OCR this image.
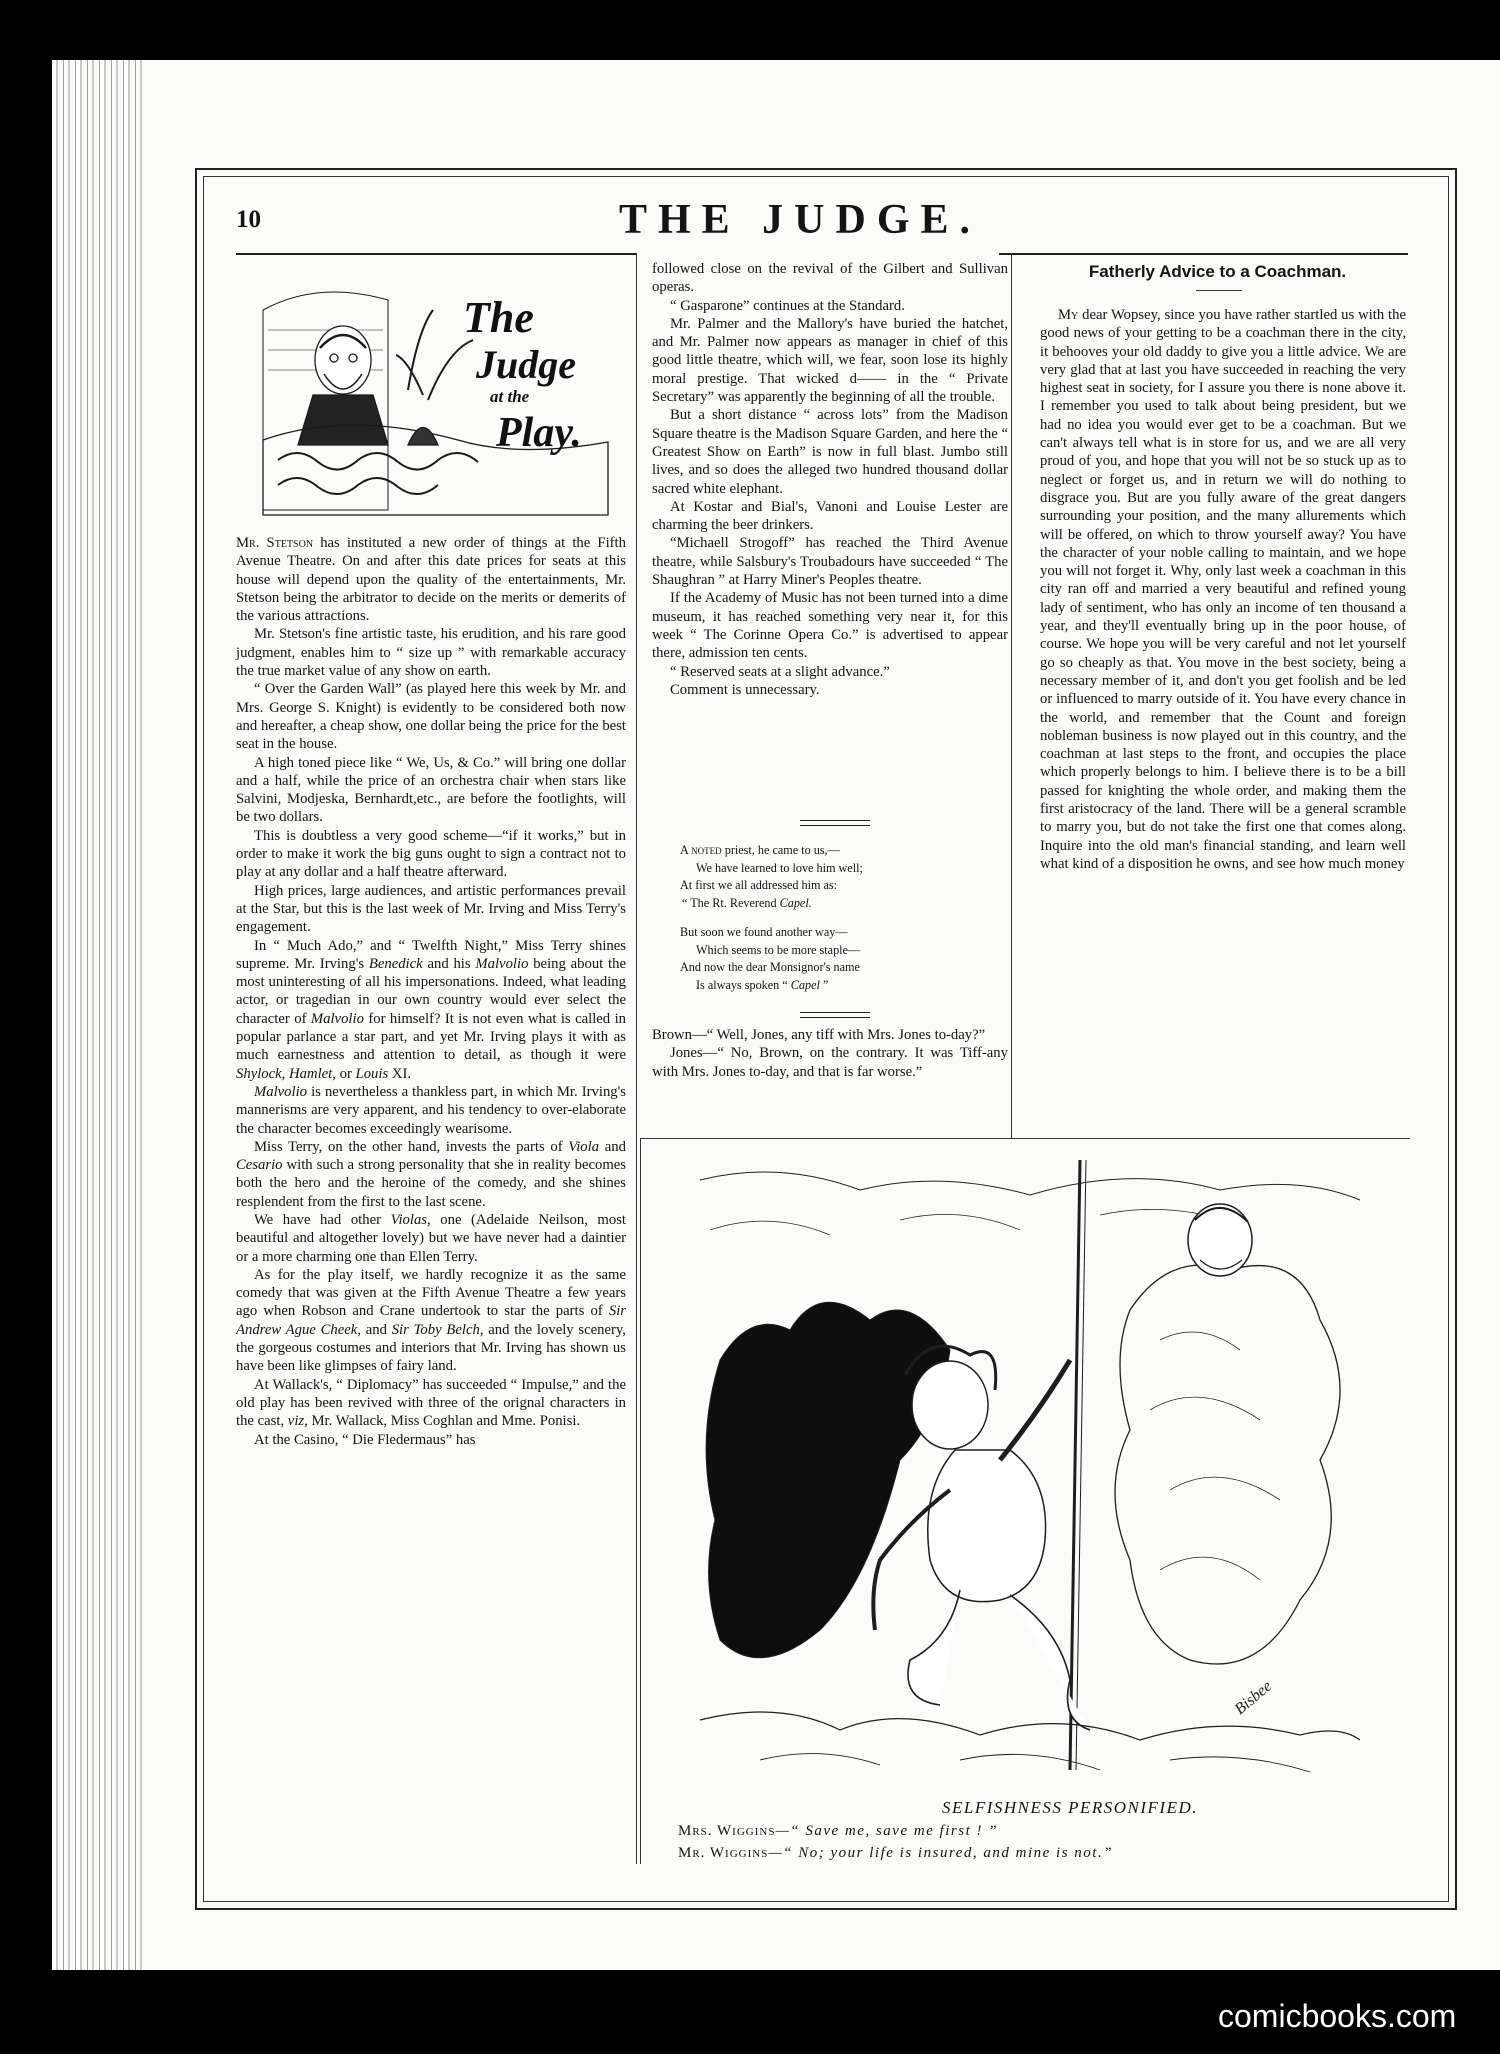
10	THE JUDGE.
The
Judge
at the
Play.

Mr. Stetson has instituted a new order of things at the Fifth Avenue Theatre. On and after this date prices for seats at this house will depend upon the quality of the entertainments, Mr. Stetson being the arbitrator to decide on the merits or demerits of the various attractions.

Mr. Stetson's fine artistic taste, his erudition, and his rare good judgment, enables him to “ size up ” with remarkable accuracy the true market value of any show on earth.

“ Over the Garden Wall” (as played here this week by Mr. and Mrs. George S. Knight) is evidently to be considered both now and hereafter, a cheap show, one dollar being the price for the best seat in the house.

A high toned piece like “ We, Us, & Co.” will bring one dollar and a half, while the price of an orchestra chair when stars like Salvini, Modjeska, Bernhardt,etc., are before the footlights, will be two dollars.

This is doubtless a very good scheme—“if it works,” but in order to make it work the big guns ought to sign a contract not to play at any dollar and a half theatre afterward.

High prices, large audiences, and artistic performances prevail at the Star, but this is the last week of Mr. Irving and Miss Terry's engagement.

In “ Much Ado,” and “ Twelfth Night,” Miss Terry shines supreme. Mr. Irving's Benedick and his Malvolio being about the most uninteresting of all his impersonations. Indeed, what leading actor, or tragedian in our own country would ever select the character of Malvolio for himself? It is not even what is called in popular parlance a star part, and yet Mr. Irving plays it with as much earnestness and attention to detail, as though it were Shylock, Hamlet, or Louis XI.

Malvolio is nevertheless a thankless part, in which Mr. Irving's mannerisms are very apparent, and his tendency to over-elaborate the character becomes exceedingly wearisome.

Miss Terry, on the other hand, invests the parts of Viola and Cesario with such a strong personality that she in reality becomes both the hero and the heroine of the comedy, and she shines resplendent from the first to the last scene.

We have had other Violas, one (Adelaide Neilson, most beautiful and altogether lovely) but we have never had a daintier or a more charming one than Ellen Terry.

As for the play itself, we hardly recognize it as the same comedy that was given at the Fifth Avenue Theatre a few years ago when Robson and Crane undertook to star the parts of Sir Andrew Ague Cheek, and Sir Toby Belch, and the lovely scenery, the gorgeous costumes and interiors that Mr. Irving has shown us have been like glimpses of fairy land.

At Wallack's, “ Diplomacy” has succeeded “ Impulse,” and the old play has been revived with three of the orignal characters in the cast, viz, Mr. Wallack, Miss Coghlan and Mme. Ponisi.

At the Casino, “ Die Fledermaus” has

followed close on the revival of the Gilbert and Sullivan operas.

“ Gasparone” continues at the Standard.

Mr. Palmer and the Mallory's have buried the hatchet, and Mr. Palmer now appears as manager in chief of this good little theatre, which will, we fear, soon lose its highly moral prestige. That wicked d—— in the “ Private Secretary” was apparently the beginning of all the trouble.

But a short distance “ across lots” from the Madison Square theatre is the Madison Square Garden, and here the “ Greatest Show on Earth” is now in full blast. Jumbo still lives, and so does the alleged two hundred thousand dollar sacred white elephant.

At Kostar and Bial's, Vanoni and Louise Lester are charming the beer drinkers.

“Michaell Strogoff” has reached the Third Avenue theatre, while Salsbury's Troubadours have succeeded “ The Shaughran ” at Harry Miner's Peoples theatre.

If the Academy of Music has not been turned into a dime museum, it has reached something very near it, for this week “ The Corinne Opera Co.” is advertised to appear there, admission ten cents.

“ Reserved seats at a slight advance.”

Comment is unnecessary.

A noted priest, he came to us,—
We have learned to love him well;
At first we all addressed him as:
“ The Rt. Reverend Capel.
But soon we found another way—
Which seems to be more staple—
And now the dear Monsignor's name
Is always spoken “ Capel ”

Brown—“ Well, Jones, any tiff with Mrs. Jones to-day?”

Jones—“ No, Brown, on the contrary. It was Tiff-any with Mrs. Jones to-day, and that is far worse.”

Fatherly Advice to a Coachman.

My dear Wopsey, since you have rather startled us with the good news of your getting to be a coachman there in the city, it behooves your old daddy to give you a little advice. We are very glad that at last you have succeeded in reaching the very highest seat in society, for I assure you there is none above it. I remember you used to talk about being president, but we had no idea you would ever get to be a coachman. But we can't always tell what is in store for us, and we are all very proud of you, and hope that you will not be so stuck up as to neglect or forget us, and in return we will do nothing to disgrace you. But are you fully aware of the great dangers surrounding your position, and the many allurements which will be offered, on which to throw yourself away? You have the character of your noble calling to maintain, and we hope you will not forget it. Why, only last week a coachman in this city ran off and married a very beautiful and refined young lady of sentiment, who has only an income of ten thousand a year, and they'll eventually bring up in the poor house, of course. We hope you will be very careful and not let yourself go so cheaply as that. You move in the best society, being a necessary member of it, and don't you get foolish and be led or influenced to marry outside of it. You have every chance in the world, and remember that the Count and foreign nobleman business is now played out in this country, and the coachman at last steps to the front, and occupies the place which properly belongs to him. I believe there is to be a bill passed for knighting the whole order, and making them the first aristocracy of the land. There will be a general scramble to marry you, but do not take the first one that comes along. Inquire into the old man's financial standing, and learn well what kind of a disposition he owns, and see how much money

Bisbee
SELFISHNESS PERSONIFIED.
Mrs. Wiggins—“ Save me, save me first ! ”
Mr. Wiggins—“ No; your life is insured, and mine is not.”
comicbooks.com
